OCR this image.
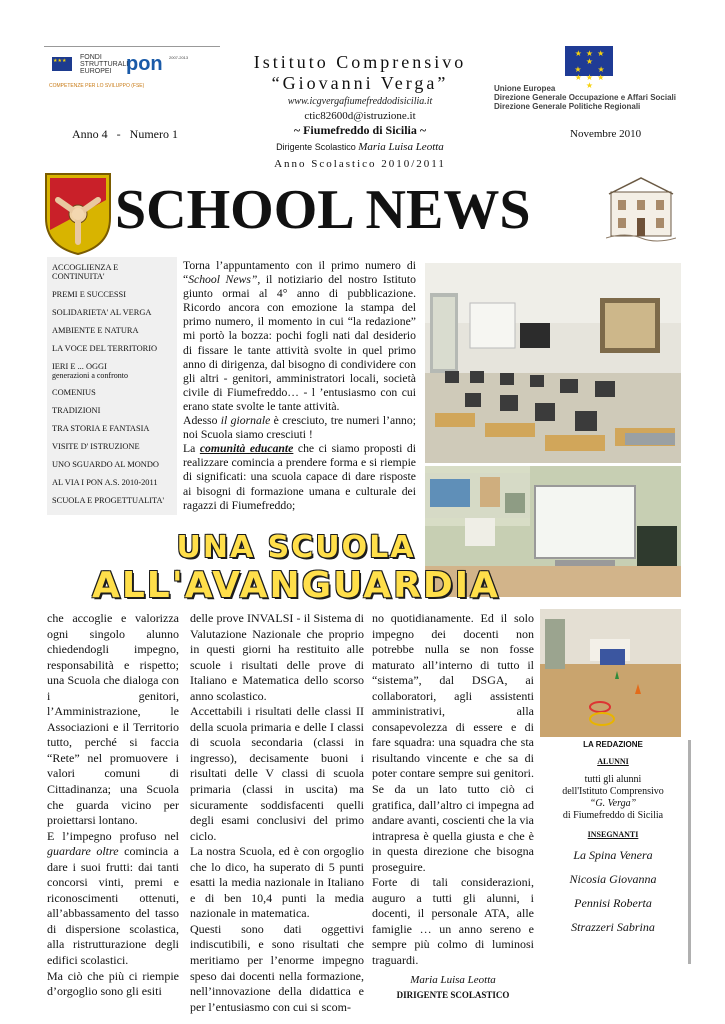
★★★
FONDI
STRUTTURALI
EUROPEI pon 2007-2013
COMPETENZE PER LO SVILUPPO (FSE)
Istituto Comprensivo
“Giovanni Verga”
www.icgvergafiumefreddodisicilia.it
ctic82600d@istruzione.it
~ Fiumefreddo di Sicilia ~
Anno 4   -   Numero 1	Novembre 2010
Dirigente Scolastico Maria Luisa Leotta
Anno Scolastico 2010/2011
★ ★ ★ ★
★     ★
★ ★ ★ ★
Unione Europea
Direzione Generale Occupazione e Affari Sociali
Direzione Generale Politiche Regionali
SCHOOL NEWS
ACCOGLIENZA E CONTINUITA'
PREMI E SUCCESSI
SOLIDARIETA' AL VERGA
AMBIENTE E NATURA
LA VOCE DEL TERRITORIO
IERI E ... OGGI
generazioni a confronto
COMENIUS
TRADIZIONI
TRA STORIA E FANTASIA
VISITE D' ISTRUZIONE
UNO SGUARDO AL MONDO
AL VIA I PON A.S. 2010-2011
SCUOLA E PROGETTUALITA'

Torna l’appuntamento con il primo numero di “School News”, il notiziario del nostro Istituto giunto ormai al 4° anno di pubblicazione. Ricordo ancora con emozione la stampa del primo numero, il momento in cui “la redazione” mi portò la bozza: pochi fogli nati dal desiderio di fissare le tante attività svolte in quel primo anno di dirigenza, dal bisogno di condividere con gli altri - genitori, amministratori locali, società civile di Fiumefreddo… - l ’entusiasmo con cui erano state svolte le tante attività.

Adesso il giornale è cresciuto, tre numeri l’anno; noi Scuola siamo cresciuti !

La comunità educante che ci siamo proposti di realizzare comincia a prendere forma e si riempie di significati: una scuola capace di dare risposte ai bisogni di formazione umana e culturale dei ragazzi di Fiumefreddo;

UNA SCUOLA
ALL'AVANGUARDIA

che accoglie e valorizza ogni singolo alunno chiedendogli impegno, responsabilità e rispetto; una Scuola che dialoga con i genitori, l’Amministrazione, le Associazioni e il Territorio tutto, perché si faccia “Rete” nel promuovere i valori comuni di Cittadinanza; una Scuola che guarda vicino per proiettarsi lontano.

E l’impegno profuso nel guardare oltre comincia a dare i suoi frutti: dai tanti concorsi vinti, premi e riconoscimenti ottenuti, all’abbassamento del tasso di dispersione scolastica, alla ristrutturazione degli edifici scolastici.

Ma ciò che più ci riempie d’orgoglio sono gli esiti

delle prove INVALSI - il Sistema di Valutazione Nazionale che proprio in questi giorni ha restituito alle scuole i risultati delle prove di Italiano e Matematica dello scorso anno scolastico.

Accettabili i risultati delle classi II della scuola primaria e delle I classi di scuola secondaria (classi in ingresso), decisamente buoni i risultati delle V classi di scuola primaria (classi in uscita) ma sicuramente soddisfacenti quelli degli esami conclusivi del primo ciclo.

La nostra Scuola, ed è con orgoglio che lo dico, ha superato di 5 punti esatti la media nazionale in Italiano e di ben 10,4 punti la media nazionale in matematica.

Questi sono dati oggettivi indiscutibili, e sono risultati che meritiamo per l’enorme impegno speso dai docenti nella formazione, nell’innovazione della didattica e per l’entusiasmo con cui si scom-

no quotidianamente. Ed il solo impegno dei docenti non potrebbe nulla se non fosse maturato all’interno di tutto il “sistema”, dal DSGA, ai collaboratori, agli assistenti amministrativi, alla consapevolezza di essere e di fare squadra: una squadra che sta risultando vincente e che sa di poter contare sempre sui genitori. Se da un lato tutto ciò ci gratifica, dall’altro ci impegna ad andare avanti, coscienti che la via intrapresa è quella giusta e che è in questa direzione che bisogna proseguire.

Forte di tali considerazioni, auguro a tutti gli alunni, i docenti, il personale ATA, alle famiglie … un anno sereno e sempre più colmo di luminosi traguardi.

Maria Luisa Leotta
DIRIGENTE SCOLASTICO
LA REDAZIONE
ALUNNI
tutti gli alunni
dell'Istituto Comprensivo
“G. Verga”
di Fiumefreddo di Sicilia
INSEGNANTI
La Spina Venera
Nicosia Giovanna
Pennisi Roberta
Strazzeri Sabrina
